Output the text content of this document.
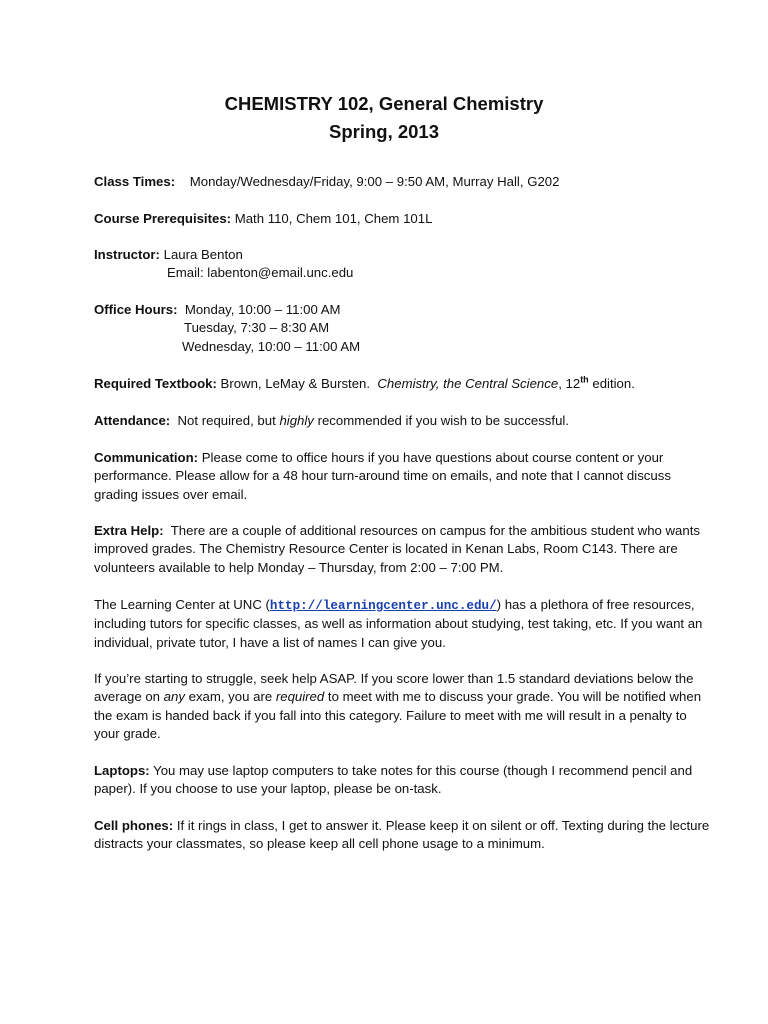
CHEMISTRY 102, General Chemistry
Spring, 2013
Class Times: Monday/Wednesday/Friday, 9:00 – 9:50 AM, Murray Hall, G202
Course Prerequisites: Math 110, Chem 101, Chem 101L
Instructor: Laura Benton
Email: labenton@email.unc.edu
Office Hours: Monday, 10:00 – 11:00 AM
Tuesday, 7:30 – 8:30 AM
Wednesday, 10:00 – 11:00 AM
Required Textbook: Brown, LeMay & Bursten. Chemistry, the Central Science, 12th edition.
Attendance: Not required, but highly recommended if you wish to be successful.
Communication: Please come to office hours if you have questions about course content or your performance. Please allow for a 48 hour turn-around time on emails, and note that I cannot discuss grading issues over email.
Extra Help: There are a couple of additional resources on campus for the ambitious student who wants improved grades. The Chemistry Resource Center is located in Kenan Labs, Room C143. There are volunteers available to help Monday – Thursday, from 2:00 – 7:00 PM.
The Learning Center at UNC (http://learningcenter.unc.edu/) has a plethora of free resources, including tutors for specific classes, as well as information about studying, test taking, etc. If you want an individual, private tutor, I have a list of names I can give you.
If you’re starting to struggle, seek help ASAP. If you score lower than 1.5 standard deviations below the average on any exam, you are required to meet with me to discuss your grade. You will be notified when the exam is handed back if you fall into this category. Failure to meet with me will result in a penalty to your grade.
Laptops: You may use laptop computers to take notes for this course (though I recommend pencil and paper). If you choose to use your laptop, please be on-task.
Cell phones: If it rings in class, I get to answer it. Please keep it on silent or off. Texting during the lecture distracts your classmates, so please keep all cell phone usage to a minimum.
